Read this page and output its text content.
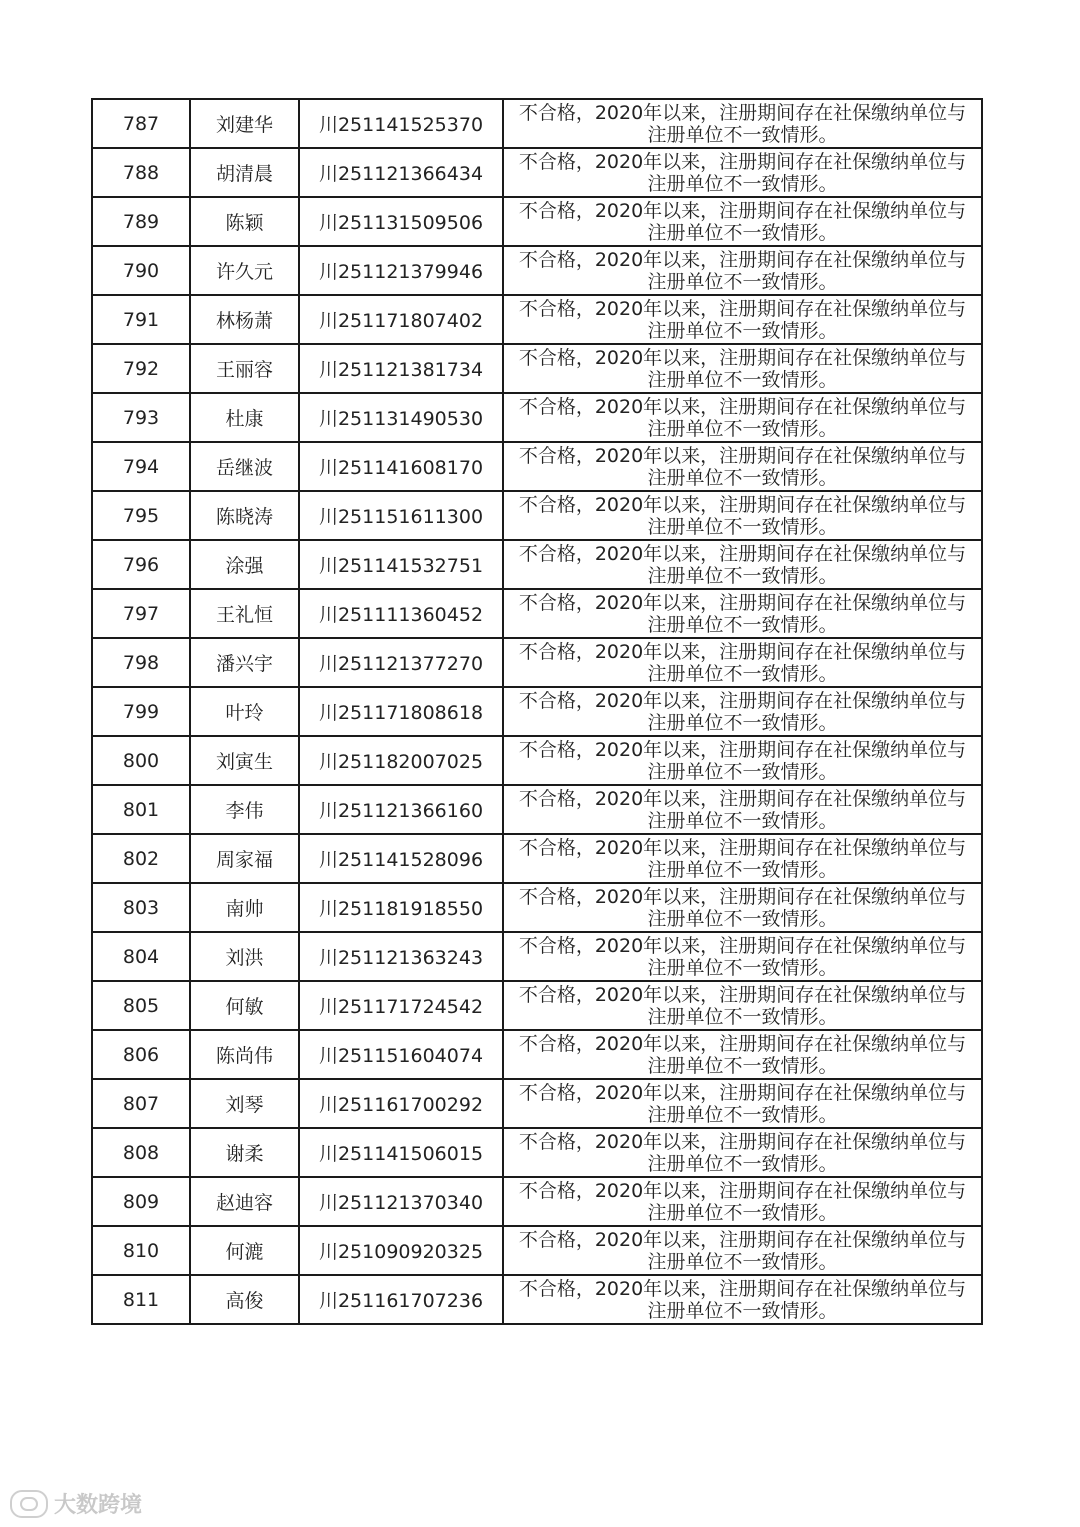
787	刘建华	川251141525370	不合格，2020年以来，注册期间存在社保缴纳单位与
注册单位不一致情形。

788	胡清晨	川251121366434	不合格，2020年以来，注册期间存在社保缴纳单位与
注册单位不一致情形。

789	陈颖	川251131509506	不合格，2020年以来，注册期间存在社保缴纳单位与
注册单位不一致情形。

790	许久元	川251121379946	不合格，2020年以来，注册期间存在社保缴纳单位与
注册单位不一致情形。

791	林杨萧	川251171807402	不合格，2020年以来，注册期间存在社保缴纳单位与
注册单位不一致情形。

792	王丽容	川251121381734	不合格，2020年以来，注册期间存在社保缴纳单位与
注册单位不一致情形。

793	杜康	川251131490530	不合格，2020年以来，注册期间存在社保缴纳单位与
注册单位不一致情形。

794	岳继波	川251141608170	不合格，2020年以来，注册期间存在社保缴纳单位与
注册单位不一致情形。

795	陈晓涛	川251151611300	不合格，2020年以来，注册期间存在社保缴纳单位与
注册单位不一致情形。

796	涂强	川251141532751	不合格，2020年以来，注册期间存在社保缴纳单位与
注册单位不一致情形。

797	王礼恒	川251111360452	不合格，2020年以来，注册期间存在社保缴纳单位与
注册单位不一致情形。

798	潘兴宇	川251121377270	不合格，2020年以来，注册期间存在社保缴纳单位与
注册单位不一致情形。

799	叶玲	川251171808618	不合格，2020年以来，注册期间存在社保缴纳单位与
注册单位不一致情形。

800	刘寅生	川251182007025	不合格，2020年以来，注册期间存在社保缴纳单位与
注册单位不一致情形。

801	李伟	川251121366160	不合格，2020年以来，注册期间存在社保缴纳单位与
注册单位不一致情形。

802	周家福	川251141528096	不合格，2020年以来，注册期间存在社保缴纳单位与
注册单位不一致情形。

803	南帅	川251181918550	不合格，2020年以来，注册期间存在社保缴纳单位与
注册单位不一致情形。

804	刘洪	川251121363243	不合格，2020年以来，注册期间存在社保缴纳单位与
注册单位不一致情形。

805	何敏	川251171724542	不合格，2020年以来，注册期间存在社保缴纳单位与
注册单位不一致情形。

806	陈尚伟	川251151604074	不合格，2020年以来，注册期间存在社保缴纳单位与
注册单位不一致情形。

807	刘琴	川251161700292	不合格，2020年以来，注册期间存在社保缴纳单位与
注册单位不一致情形。

808	谢柔	川251141506015	不合格，2020年以来，注册期间存在社保缴纳单位与
注册单位不一致情形。

809	赵迪容	川251121370340	不合格，2020年以来，注册期间存在社保缴纳单位与
注册单位不一致情形。

810	何漉	川251090920325	不合格，2020年以来，注册期间存在社保缴纳单位与
注册单位不一致情形。

811	高俊	川251161707236	不合格，2020年以来，注册期间存在社保缴纳单位与
注册单位不一致情形。
大数跨境
